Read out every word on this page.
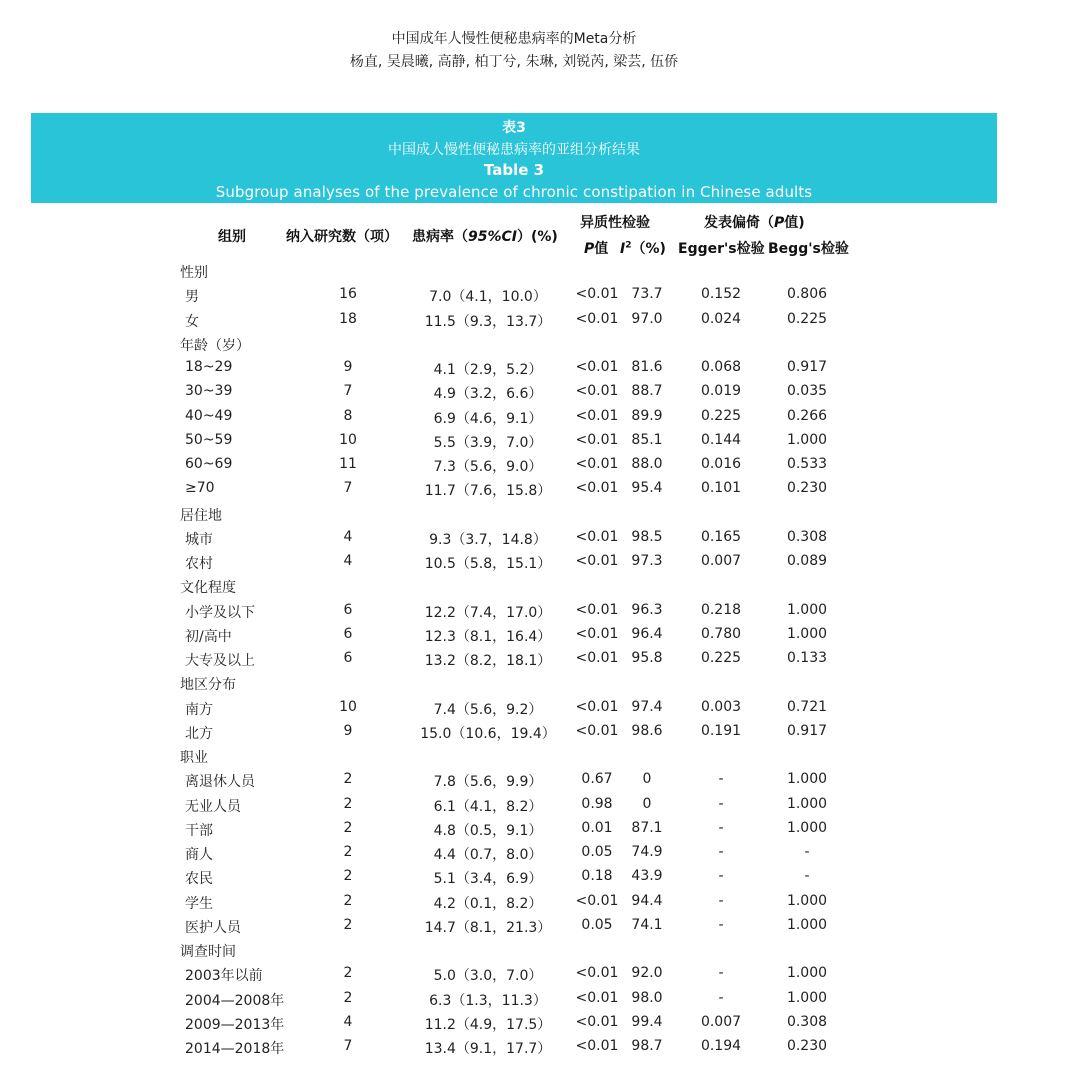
中国成年人慢性便秘患病率的Meta分析
杨直, 吴晨曦, 高静, 柏丁兮, 朱琳, 刘锐芮, 梁芸, 伍侨
表3
中国成人慢性便秘患病率的亚组分析结果
Table 3
Subgroup analyses of the prevalence of chronic constipation in Chinese adults
组别	纳入研究数（项） 患病率（95%CI）(%)
异质性检验
P值 $I^2(\%)$
发表偏倚（P值)
Egger's检验 Begg's检验
性别
男	16	7.0（4.1，10.0）	<0.01 73.7	0.152	0.806
女	18	11.5（9.3，13.7）	<0.01 97.0	0.024	0.225
年龄（岁）
18~29	9	4.1（2.9，5.2）	<0.01 81.6	0.068	0.917
30~39	7	4.9（3.2，6.6）	<0.01 88.7	0.019	0.035
40~49	8	6.9（4.6，9.1）	<0.01 89.9	0.225	0.266
50~59	10	5.5（3.9，7.0）	<0.01 85.1	0.144	1.000
60~69	11	7.3（5.6，9.0）	<0.01 88.0	0.016	0.533
≥70	7	11.7（7.6，15.8）	<0.01 95.4	0.101	0.230
居住地
城市	4	9.3（3.7，14.8）	<0.01 98.5	0.165	0.308
农村	4	10.5（5.8，15.1）	<0.01 97.3	0.007	0.089
文化程度
小学及以下	6	12.2（7.4，17.0）	<0.01 96.3	0.218	1.000
初/高中	6	12.3（8.1，16.4）	<0.01 96.4	0.780	1.000
大专及以上	6	13.2（8.2，18.1）	<0.01 95.8	0.225	0.133
地区分布
南方	10	7.4（5.6，9.2）	<0.01 97.4	0.003	0.721
北方	9	15.0（10.6，19.4）	<0.01 98.6	0.191	0.917
职业
离退休人员	2	7.8（5.6，9.9）	0.67	0	-	1.000
无业人员	2	6.1（4.1，8.2）	0.98	0	-	1.000
干部	2	4.8（0.5，9.1）	0.01	87.1	-	1.000
商人	2	4.4（0.7，8.0）	0.05	74.9	-	-
农民	2	5.1（3.4，6.9）	0.18	43.9	-	-
学生	2	4.2（0.1，8.2）	<0.01 94.4	-	1.000
医护人员	2	14.7（8.1，21.3）	0.05	74.1	-	1.000
调查时间
2003年以前	2	5.0（3.0，7.0）	<0.01 92.0	-	1.000
2004—2008年	2	6.3（1.3，11.3）	<0.01 98.0	-	1.000
2009—2013年	4	11.2（4.9，17.5）	<0.01 99.4	0.007	0.308
2014—2018年	7	13.4（9.1，17.7）	<0.01 98.7	0.194	0.230
